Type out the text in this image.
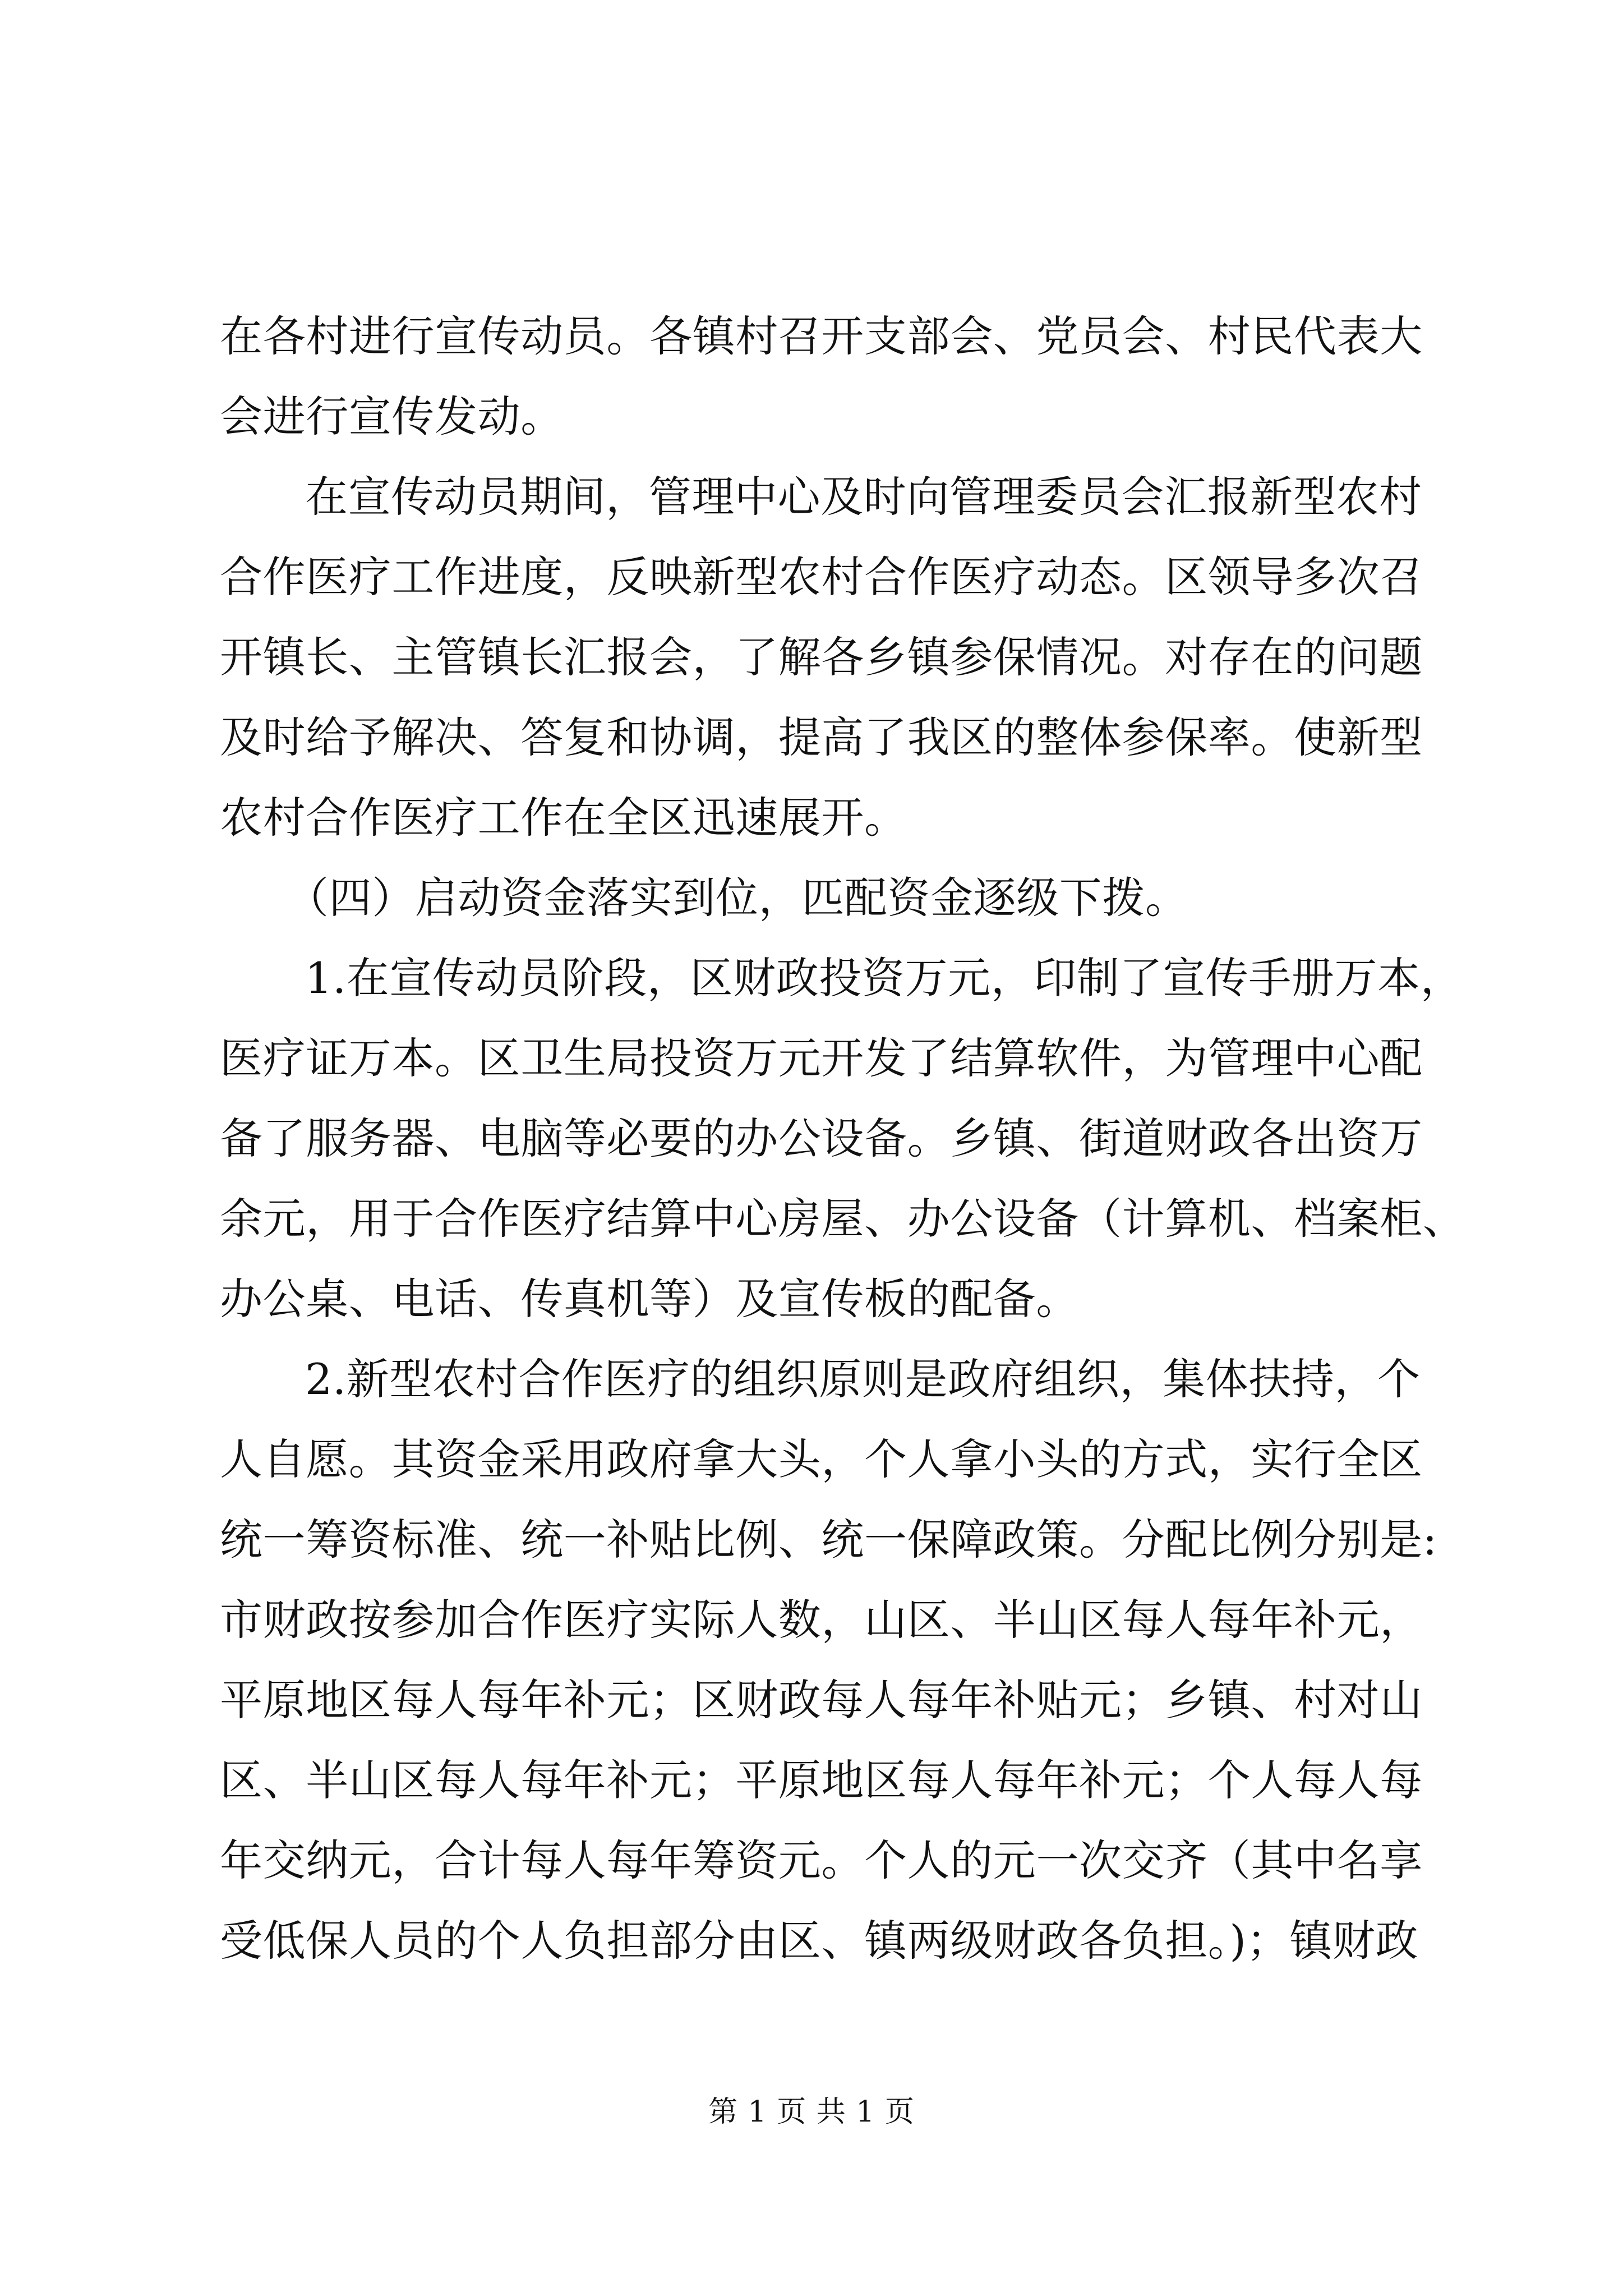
在各村进行宣传动员。各镇村召开支部会、党员会、村民代表大
会进行宣传发动。
在宣传动员期间，管理中心及时向管理委员会汇报新型农村
合作医疗工作进度，反映新型农村合作医疗动态。区领导多次召
开镇长、主管镇长汇报会，了解各乡镇参保情况。对存在的问题
及时给予解决、答复和协调，提高了我区的整体参保率。使新型
农村合作医疗工作在全区迅速展开。
（四）启动资金落实到位，匹配资金逐级下拨。
1.在宣传动员阶段，区财政投资万元，印制了宣传手册万本，
医疗证万本。区卫生局投资万元开发了结算软件，为管理中心配
备了服务器、电脑等必要的办公设备。乡镇、街道财政各出资万
余元，用于合作医疗结算中心房屋、办公设备（计算机、档案柜、
办公桌、电话、传真机等）及宣传板的配备。
2.新型农村合作医疗的组织原则是政府组织，集体扶持，个
人自愿。其资金采用政府拿大头，个人拿小头的方式，实行全区
统一筹资标准、统一补贴比例、统一保障政策。分配比例分别是:
市财政按参加合作医疗实际人数，山区、半山区每人每年补元，
平原地区每人每年补元；区财政每人每年补贴元；乡镇、村对山
区、半山区每人每年补元；平原地区每人每年补元；个人每人每
年交纳元，合计每人每年筹资元。个人的元一次交齐（其中名享
受低保人员的个人负担部分由区、镇两级财政各负担。)；镇财政
第 1 页 共 1 页
